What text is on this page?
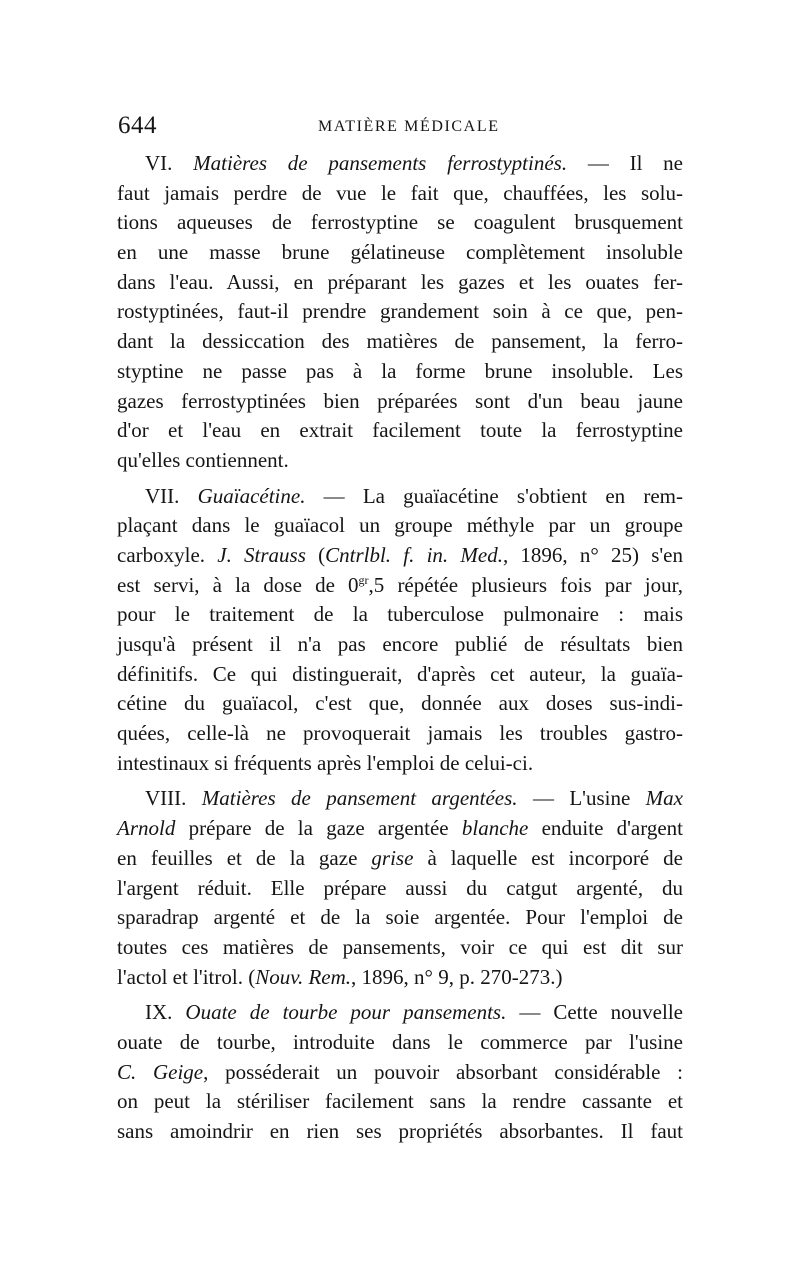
644	MATIÈRE MÉDICALE

VI. Matières de pansements ferrostyptinés. — Il ne
faut jamais perdre de vue le fait que, chauffées, les solu-
tions aqueuses de ferrostyptine se coagulent brusquement
en une masse brune gélatineuse complètement insoluble
dans l'eau. Aussi, en préparant les gazes et les ouates fer-
rostyptinées, faut-il prendre grandement soin à ce que, pen-
dant la dessiccation des matières de pansement, la ferro-
styptine ne passe pas à la forme brune insoluble. Les
gazes ferrostyptinées bien préparées sont d'un beau jaune
d'or et l'eau en extrait facilement toute la ferrostyptine
qu'elles contiennent.

VII. Guaïacétine. — La guaïacétine s'obtient en rem-
plaçant dans le guaïacol un groupe méthyle par un groupe
carboxyle. J. Strauss (Cntrlbl. f. in. Med., 1896, n° 25) s'en
est servi, à la dose de $0^{gr},5$ répétée plusieurs fois par jour,
pour le traitement de la tuberculose pulmonaire : mais
jusqu'à présent il n'a pas encore publié de résultats bien
définitifs. Ce qui distinguerait, d'après cet auteur, la guaïa-
cétine du guaïacol, c'est que, donnée aux doses sus-indi-
quées, celle-là ne provoquerait jamais les troubles gastro-
intestinaux si fréquents après l'emploi de celui-ci.

VIII. Matières de pansement argentées. — L'usine Max
Arnold prépare de la gaze argentée blanche enduite d'argent
en feuilles et de la gaze grise à laquelle est incorporé de
l'argent réduit. Elle prépare aussi du catgut argenté, du
sparadrap argenté et de la soie argentée. Pour l'emploi de
toutes ces matières de pansements, voir ce qui est dit sur
l'actol et l'itrol. (Nouv. Rem., 1896, n° 9, p. 270-273.)

IX. Ouate de tourbe pour pansements. — Cette nouvelle
ouate de tourbe, introduite dans le commerce par l'usine
C. Geige, posséderait un pouvoir absorbant considérable :
on peut la stériliser facilement sans la rendre cassante et
sans amoindrir en rien ses propriétés absorbantes. Il faut
